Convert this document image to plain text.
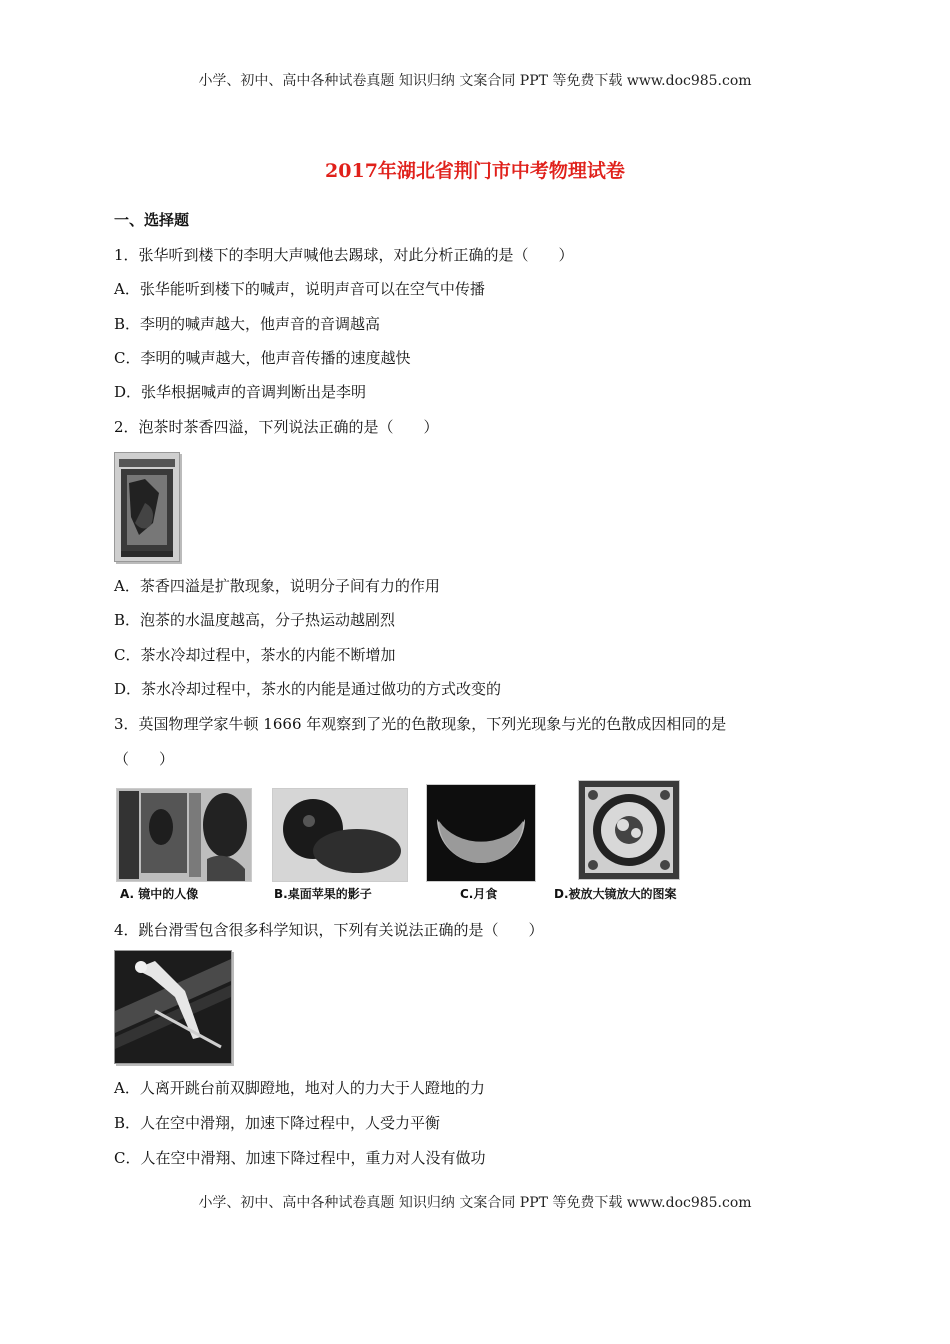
小学、初中、高中各种试卷真题 知识归纳 文案合同 PPT 等免费下载 www.doc985.com
2017年湖北省荆门市中考物理试卷
一、选择题
1．张华听到楼下的李明大声喊他去踢球，对此分析正确的是（　　）
A．张华能听到楼下的喊声，说明声音可以在空气中传播
B．李明的喊声越大，他声音的音调越高
C．李明的喊声越大，他声音传播的速度越快
D．张华根据喊声的音调判断出是李明
2．泡茶时茶香四溢，下列说法正确的是（　　）
A．茶香四溢是扩散现象，说明分子间有力的作用
B．泡茶的水温度越高，分子热运动越剧烈
C．茶水冷却过程中，茶水的内能不断增加
D．茶水冷却过程中，茶水的内能是通过做功的方式改变的
3．英国物理学家牛顿 1666 年观察到了光的色散现象，下列光现象与光的色散成因相同的是
（　　）
A. 镜中的人像	B.桌面苹果的影子	C.月食	D.被放大镜放大的图案
4．跳台滑雪包含很多科学知识，下列有关说法正确的是（　　）
A．人离开跳台前双脚蹬地，地对人的力大于人蹬地的力
B．人在空中滑翔，加速下降过程中，人受力平衡
C．人在空中滑翔、加速下降过程中，重力对人没有做功
小学、初中、高中各种试卷真题 知识归纳 文案合同 PPT 等免费下载 www.doc985.com
